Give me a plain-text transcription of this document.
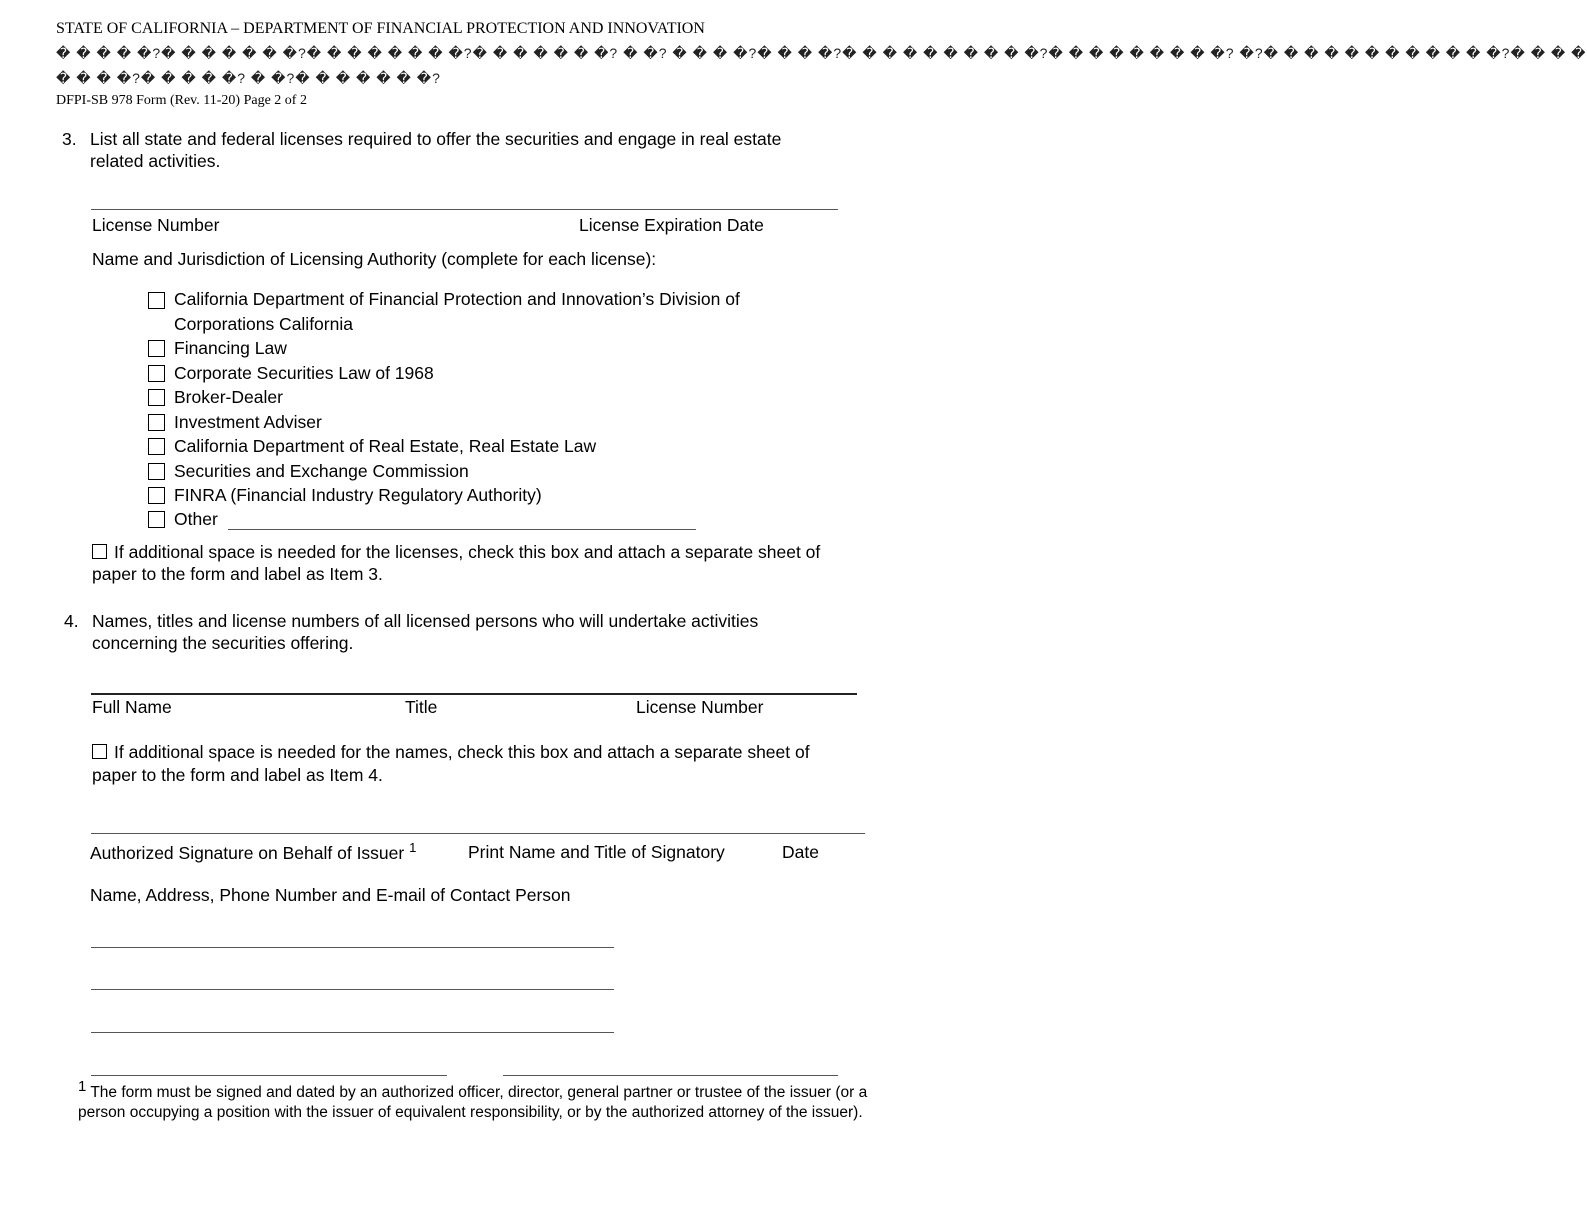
STATE OF CALIFORNIA – DEPARTMENT OF FINANCIAL PROTECTION AND INNOVATION
� � � � �?� � � � � � �?� � � � � � � �?� � � � � � �? � �? � � � �?� � � �?� � � � � � � � � �?� � � � � � � � �? �?� � � � � � � � � � � �?� � � �
� � � �?� � � � �? � �?� � � � � � �?
DFPI-SB 978 Form (Rev. 11-20) Page 2 of 2
3. List all state and federal licenses required to offer the securities and engage in real estate
related activities.
License Number	License Expiration Date
Name and Jurisdiction of Licensing Authority (complete for each license):
California Department of Financial Protection and Innovation’s Division of
Corporations California
Financing Law
Corporate Securities Law of 1968
Broker-Dealer
Investment Adviser
California Department of Real Estate, Real Estate Law
Securities and Exchange Commission
FINRA (Financial Industry Regulatory Authority)
Other
If additional space is needed for the licenses, check this box and attach a separate sheet of
paper to the form and label as Item 3.
4. Names, titles and license numbers of all licensed persons who will undertake activities
concerning the securities offering.
Full Name	Title	License Number
If additional space is needed for the names, check this box and attach a separate sheet of
paper to the form and label as Item 4.
Authorized Signature on Behalf of Issuer $^1$	Print Name and Title of Signatory	Date
Name, Address, Phone Number and E-mail of Contact Person
1 The form must be signed and dated by an authorized officer, director, general partner or trustee of the issuer (or a person occupying a position with the issuer of equivalent responsibility, or by the authorized attorney of the issuer).
